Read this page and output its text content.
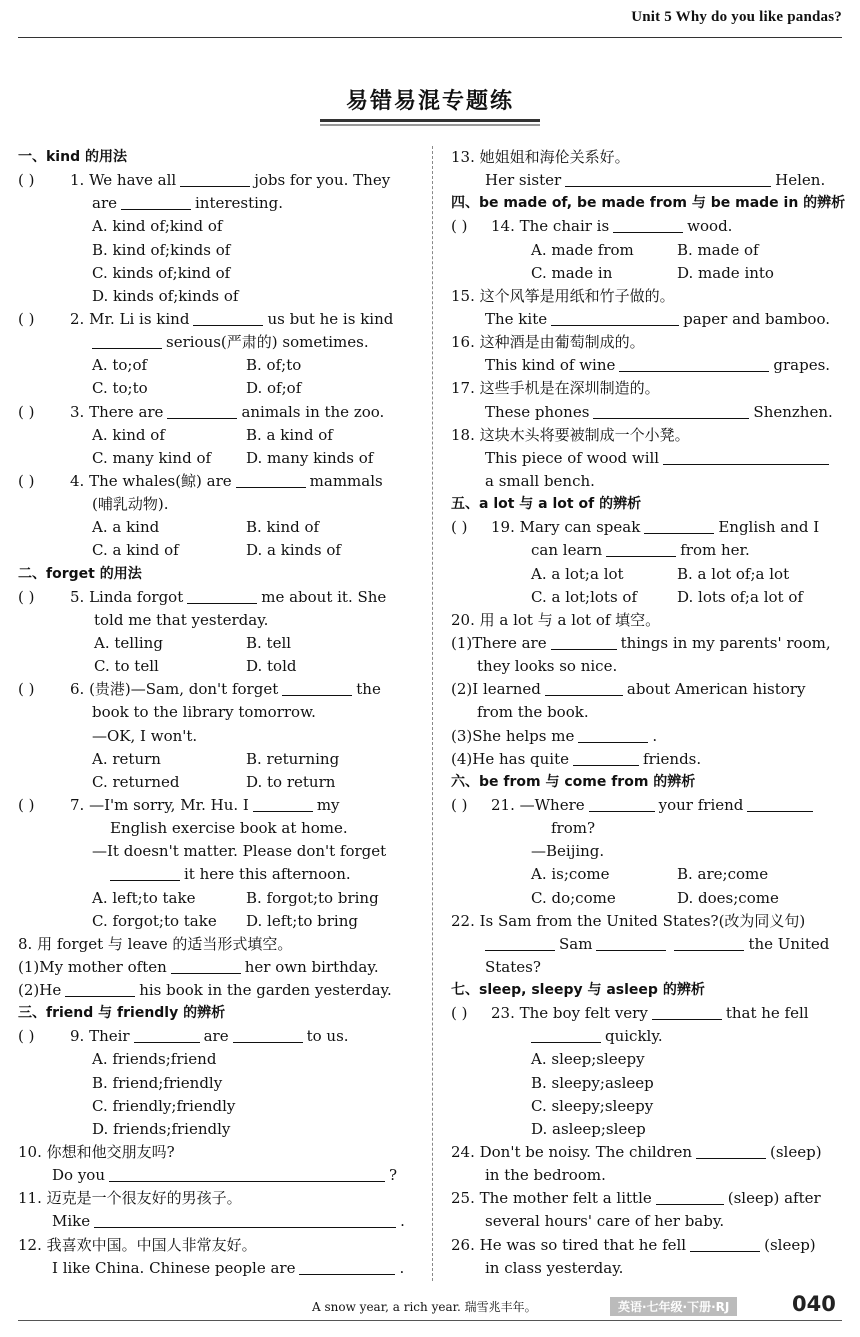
Unit 5 Why do you like pandas?
易错易混专题练
一、kind 的用法
( ) 1. We have all	jobs for you. They
are	interesting.
A. kind of;kind of
B. kind of;kinds of
C. kinds of;kind of
D. kinds of;kinds of
( ) 2. Mr. Li is kind	us but he is kind
serious(严肃的) sometimes.
A. to;of	B. of;to
C. to;to	D. of;of
( ) 3. There are	animals in the zoo.
A. kind of	B. a kind of
C. many kind of D. many kinds of
( ) 4. The whales(鲸) are	mammals
(哺乳动物).
A. a kind	B. kind of
C. a kind of	D. a kinds of
二、forget 的用法
( ) 5. Linda forgot	me about it. She
told me that yesterday.
A. telling	B. tell
C. to tell	D. told
( ) 6. (贵港)—Sam, don't forget	the
book to the library tomorrow.
—OK, I won't.
A. return	B. returning
C. returned	D. to return
( ) 7. —I'm sorry, Mr. Hu. I	my
English exercise book at home.
—It doesn't matter. Please don't forget
it here this afternoon.
A. left;to take	B. forgot;to bring
C. forgot;to take D. left;to bring
8. 用 forget 与 leave 的适当形式填空。
(1)My mother often	her own birthday.
(2)He	his book in the garden yesterday.
三、friend 与 friendly 的辨析
( ) 9. Their	are	to us.
A. friends;friend
B. friend;friendly
C. friendly;friendly
D. friends;friendly
10. 你想和他交朋友吗?
Do you	?
11. 迈克是一个很友好的男孩子。
Mike	.
12. 我喜欢中国。中国人非常友好。
I like China. Chinese people are	.
13. 她姐姐和海伦关系好。
Her sister	Helen.
四、be made of, be made from 与 be made in 的辨析
( ) 14. The chair is	wood.
A. made from	B. made of
C. made in	D. made into
15. 这个风筝是用纸和竹子做的。
The kite	paper and bamboo.
16. 这种酒是由葡萄制成的。
This kind of wine	grapes.
17. 这些手机是在深圳制造的。
These phones	Shenzhen.
18. 这块木头将要被制成一个小凳。
This piece of wood will
a small bench.
五、a lot 与 a lot of 的辨析
( ) 19. Mary can speak	English and I
can learn	from her.
A. a lot;a lot	B. a lot of;a lot
C. a lot;lots of	D. lots of;a lot of
20. 用 a lot 与 a lot of 填空。
(1)There are	things in my parents' room,
they looks so nice.
(2)I learned	about American history
from the book.
(3)She helps me	.
(4)He has quite	friends.
六、be from 与 come from 的辨析
( ) 21. —Where	your friend
from?
—Beijing.
A. is;come	B. are;come
C. do;come	D. does;come
22. Is Sam from the United States?(改为同义句)
Sam	the United
States?
七、sleep, sleepy 与 asleep 的辨析
( ) 23. The boy felt very	that he fell
quickly.
A. sleep;sleepy
B. sleepy;asleep
C. sleepy;sleepy
D. asleep;sleep
24. Don't be noisy. The children	(sleep)
in the bedroom.
25. The mother felt a little	(sleep) after
several hours' care of her baby.
26. He was so tired that he fell	(sleep)
in class yesterday.
A snow year, a rich year. 瑞雪兆丰年。	英语·七年级·下册·RJ	040
